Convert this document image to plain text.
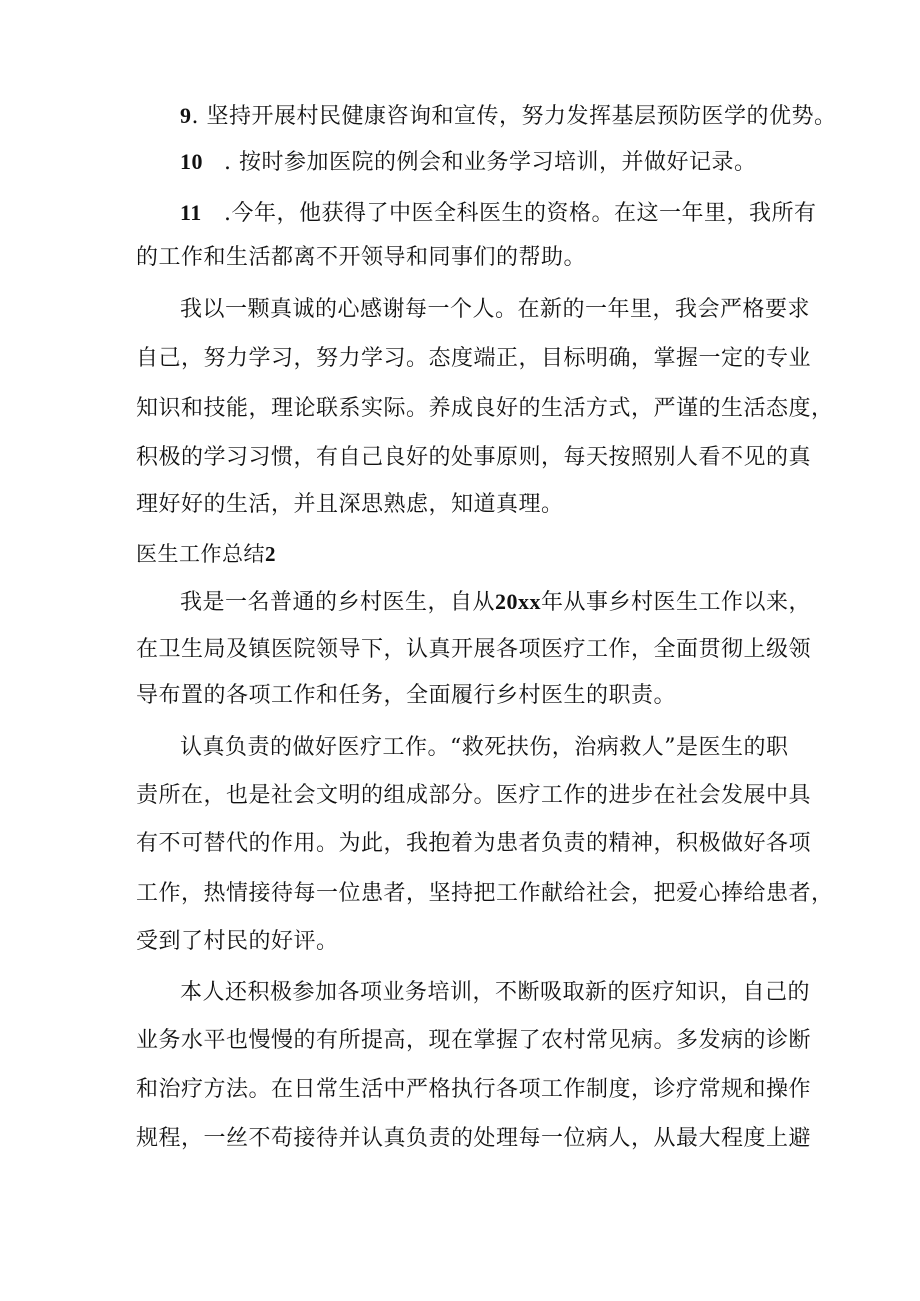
9. 坚持开展村民健康咨询和宣传，努力发挥基层预防医学的优势。
10 . 按时参加医院的例会和业务学习培训，并做好记录。
11 .今年，他获得了中医全科医生的资格。在这一年里，我所有
的工作和生活都离不开领导和同事们的帮助。
我以一颗真诚的心感谢每一个人。在新的一年里，我会严格要求
自己，努力学习，努力学习。态度端正，目标明确，掌握一定的专业
知识和技能，理论联系实际。养成良好的生活方式，严谨的生活态度，
积极的学习习惯，有自己良好的处事原则，每天按照别人看不见的真
理好好的生活，并且深思熟虑，知道真理。
医生工作总结2
我是一名普通的乡村医生，自从20xx年从事乡村医生工作以来，
在卫生局及镇医院领导下，认真开展各项医疗工作，全面贯彻上级领
导布置的各项工作和任务，全面履行乡村医生的职责。
认真负责的做好医疗工作。“救死扶伤，治病救人”是医生的职
责所在，也是社会文明的组成部分。医疗工作的进步在社会发展中具
有不可替代的作用。为此，我抱着为患者负责的精神，积极做好各项
工作，热情接待每一位患者，坚持把工作献给社会，把爱心捧给患者，
受到了村民的好评。
本人还积极参加各项业务培训，不断吸取新的医疗知识，自己的
业务水平也慢慢的有所提高，现在掌握了农村常见病。多发病的诊断
和治疗方法。在日常生活中严格执行各项工作制度，诊疗常规和操作
规程，一丝不苟接待并认真负责的处理每一位病人，从最大程度上避
